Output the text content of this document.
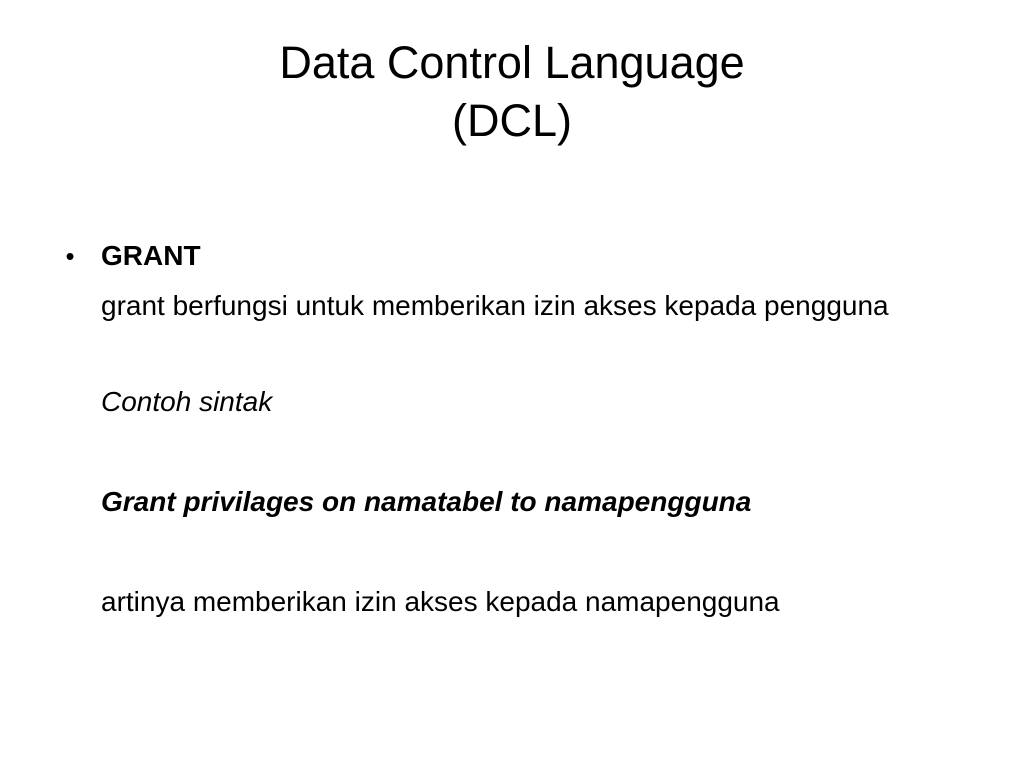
Data Control Language
(DCL)
• GRANT
grant berfungsi untuk memberikan izin akses kepada pengguna
Contoh sintak
Grant privilages on namatabel to namapengguna
artinya memberikan izin akses kepada namapengguna
